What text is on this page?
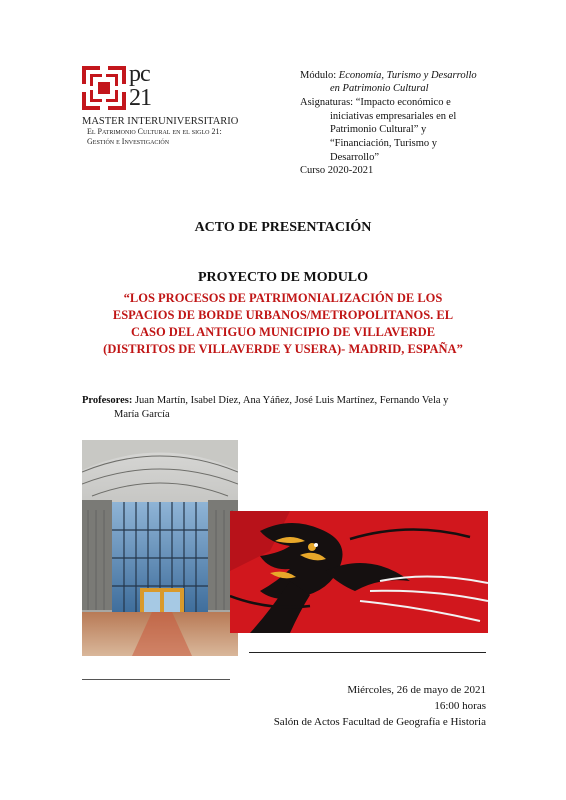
pc
21
MASTER INTERUNIVERSITARIO
El Patrimonio Cultural en el siglo 21:
Gestión e Investigación
Módulo: Economía, Turismo y Desarrollo
en Patrimonio Cultural
Asignaturas: “Impacto económico e
iniciativas empresariales en el
Patrimonio Cultural” y
“Financiación, Turismo y
Desarrollo”
Curso 2020-2021
ACTO DE PRESENTACIÓN
PROYECTO DE MODULO
“LOS PROCESOS DE PATRIMONIALIZACIÓN DE LOS
ESPACIOS DE BORDE URBANOS/METROPOLITANOS. EL
CASO DEL ANTIGUO MUNICIPIO DE VILLAVERDE
(DISTRITOS DE VILLAVERDE Y USERA)- MADRID, ESPAÑA”
Profesores: Juan Martín, Isabel Díez, Ana Yáñez, José Luis Martínez, Fernando Vela y
María García
Miércoles, 26 de mayo de 2021
16:00 horas
Salón de Actos Facultad de Geografía e Historia
